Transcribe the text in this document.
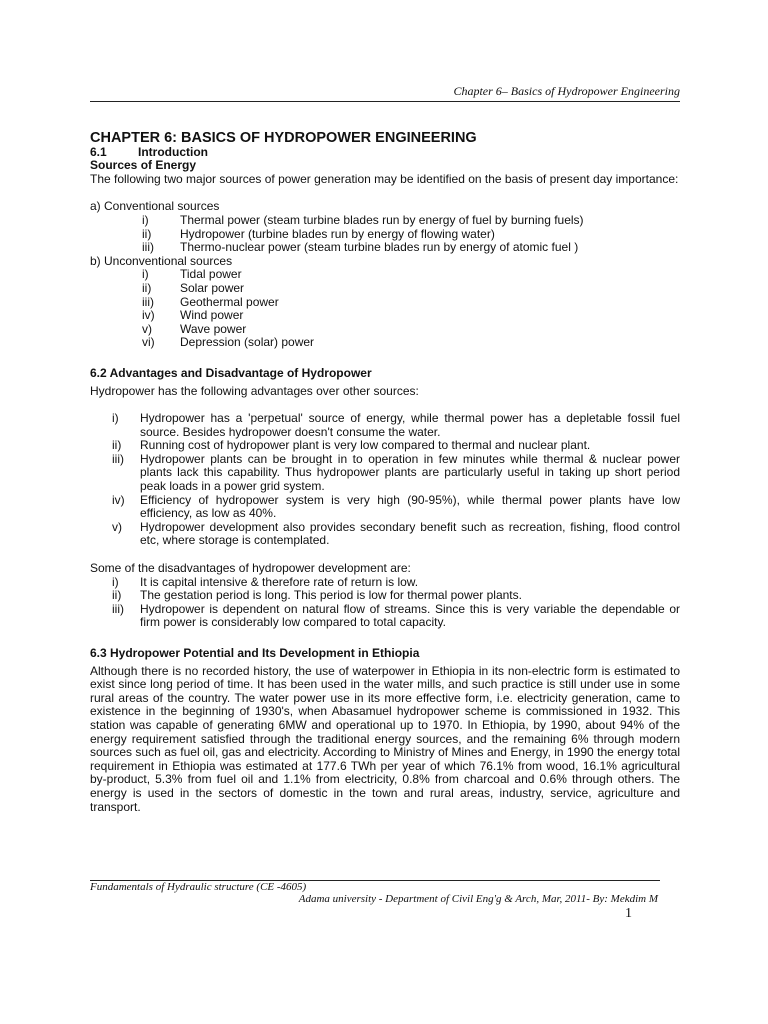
Chapter 6– Basics of Hydropower Engineering

CHAPTER 6: BASICS OF HYDROPOWER ENGINEERING

6.1	Introduction

Sources of Energy

The following two major sources of power generation may be identified on the basis of present day importance:

a) Conventional sources

i)	Thermal power (steam turbine blades run by energy of fuel by burning fuels)
ii)	Hydropower (turbine blades run by energy of flowing water)
iii)	Thermo-nuclear power (steam turbine blades run by energy of atomic fuel )

b) Unconventional sources

i)	Tidal power
ii)	Solar power
iii)	Geothermal power
iv)	Wind power
v)	Wave power
vi)	Depression (solar) power

6.2 Advantages and Disadvantage of Hydropower

Hydropower has the following advantages over other sources:

i)	Hydropower has a 'perpetual' source of energy, while thermal power has a depletable fossil fuel source. Besides hydropower doesn't consume the water.
ii)	Running cost of hydropower plant is very low compared to thermal and nuclear plant.
iii)	Hydropower plants can be brought in to operation in few minutes while thermal & nuclear power plants lack this capability. Thus hydropower plants are particularly useful in taking up short period peak loads in a power grid system.
iv)	Efficiency of hydropower system is very high (90-95%), while thermal power plants have low efficiency, as low as 40%.
v)	Hydropower development also provides secondary benefit such as recreation, fishing, flood control etc, where storage is contemplated.

Some of the disadvantages of hydropower development are:

i)	It is capital intensive & therefore rate of return is low.
ii)	The gestation period is long. This period is low for thermal power plants.
iii)	Hydropower is dependent on natural flow of streams. Since this is very variable the dependable or firm power is considerably low compared to total capacity.

6.3 Hydropower Potential and Its Development in Ethiopia

Although there is no recorded history, the use of waterpower in Ethiopia in its non-electric form is estimated to exist since long period of time. It has been used in the water mills, and such practice is still under use in some rural areas of the country. The water power use in its more effective form, i.e. electricity generation, came to existence in the beginning of 1930's, when Abasamuel hydropower scheme is commissioned in 1932. This station was capable of generating 6MW and operational up to 1970. In Ethiopia, by 1990, about 94% of the energy requirement satisfied through the traditional energy sources, and the remaining 6% through modern sources such as fuel oil, gas and electricity. According to Ministry of Mines and Energy, in 1990 the energy total requirement in Ethiopia was estimated at 177.6 TWh per year of which 76.1% from wood, 16.1% agricultural by-product, 5.3% from fuel oil and 1.1% from electricity, 0.8% from charcoal and 0.6% through others. The energy is used in the sectors of domestic in the town and rural areas, industry, service, agriculture and transport.

Fundamentals of Hydraulic structure (CE -4605)
Adama university - Department of Civil Eng'g & Arch, Mar, 2011- By: Mekdim M
1
